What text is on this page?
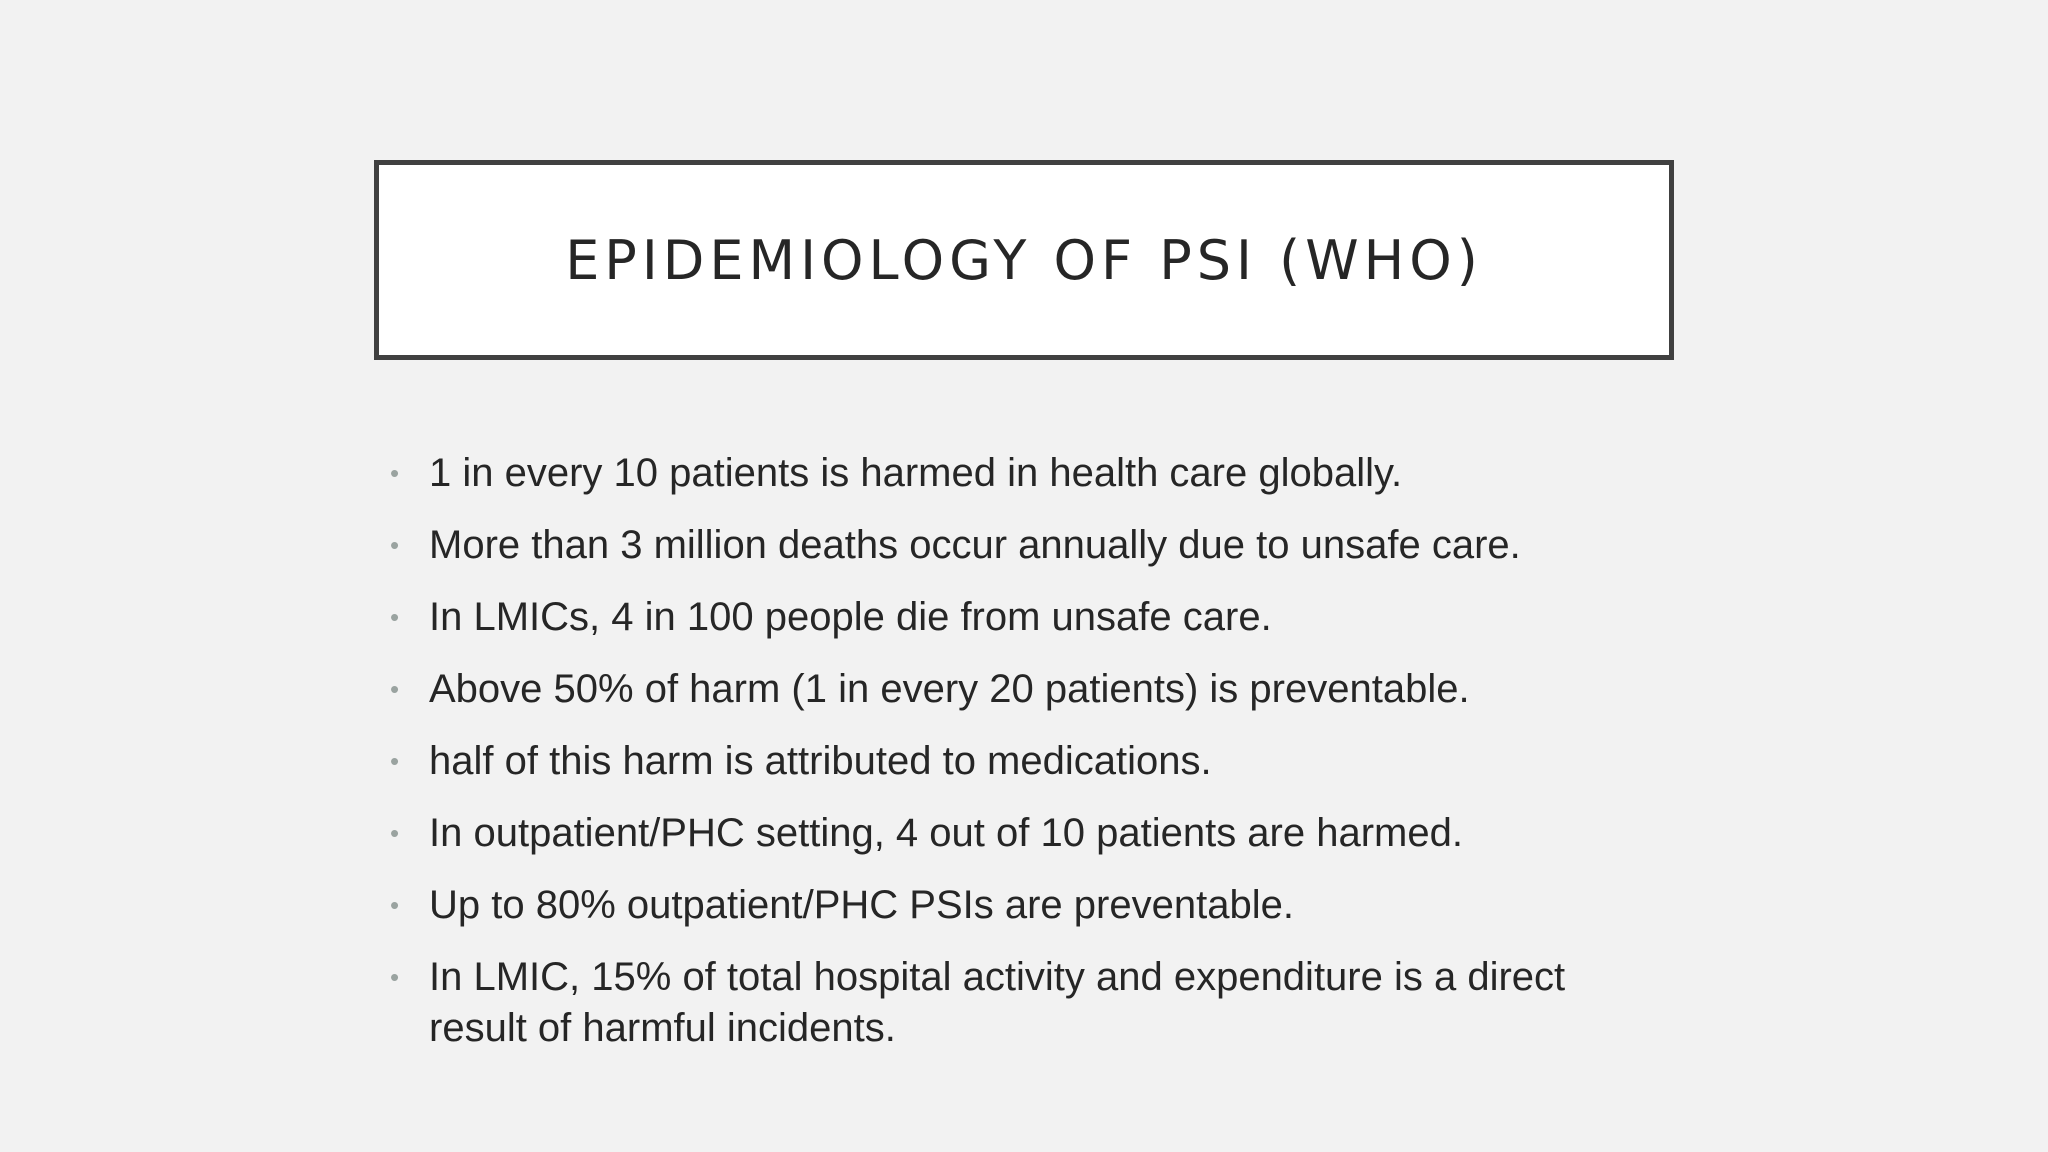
EPIDEMIOLOGY OF PSI (WHO)
• 1 in every 10 patients is harmed in health care globally.
• More than 3 million deaths occur annually due to unsafe care.
• In LMICs, 4 in 100 people die from unsafe care.
• Above 50% of harm (1 in every 20 patients) is preventable.
• half of this harm is attributed to medications.
• In outpatient/PHC setting, 4 out of 10 patients are harmed.
• Up to 80% outpatient/PHC PSIs are preventable.
• In LMIC, 15% of total hospital activity and expenditure is a direct result of harmful incidents.
